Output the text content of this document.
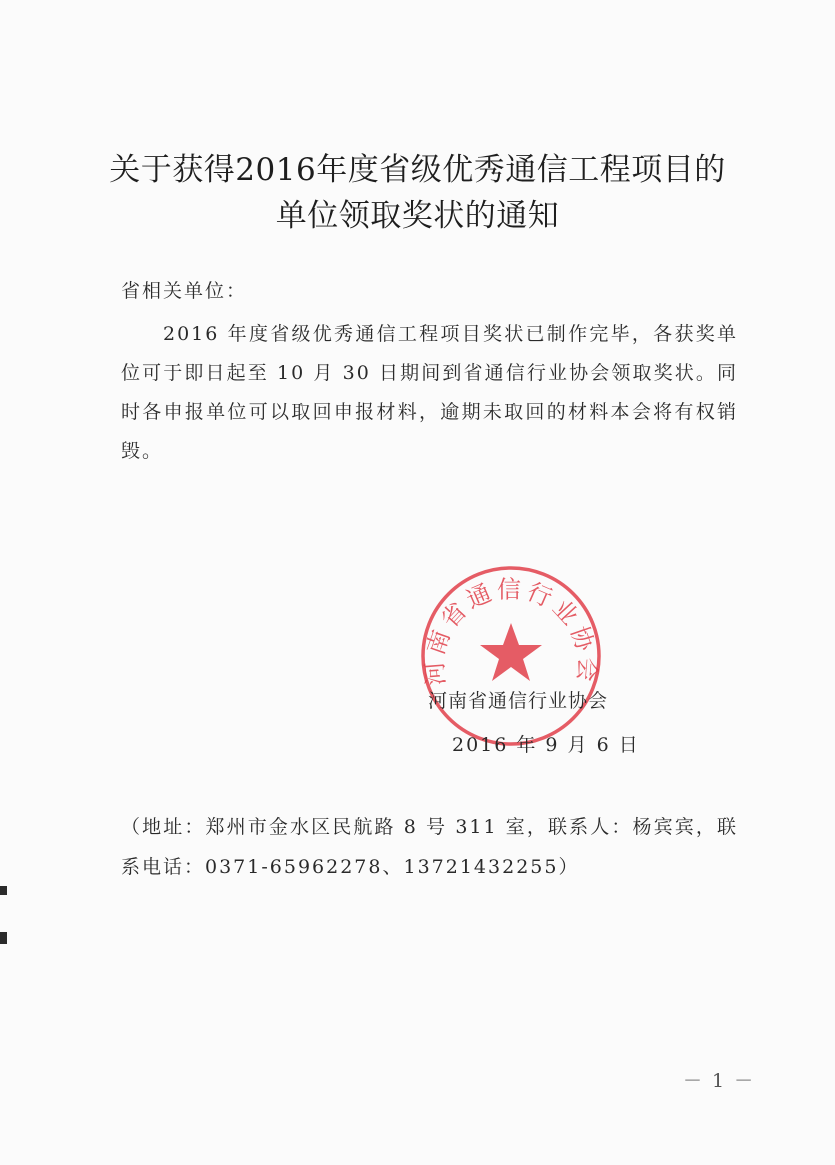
关于获得2016年度省级优秀通信工程项目的
单位领取奖状的通知
省相关单位：
2016 年度省级优秀通信工程项目奖状已制作完毕，各获奖单位可于即日起至 10 月 30 日期间到省通信行业协会领取奖状。同时各申报单位可以取回申报材料，逾期未取回的材料本会将有权销毁。
河南省通信行业协会
河南省通信行业协会
2016 年 9 月 6 日
（地址：郑州市金水区民航路 8 号 311 室，联系人：杨宾宾，联系电话：0371-65962278、13721432255）
－ 1 －
